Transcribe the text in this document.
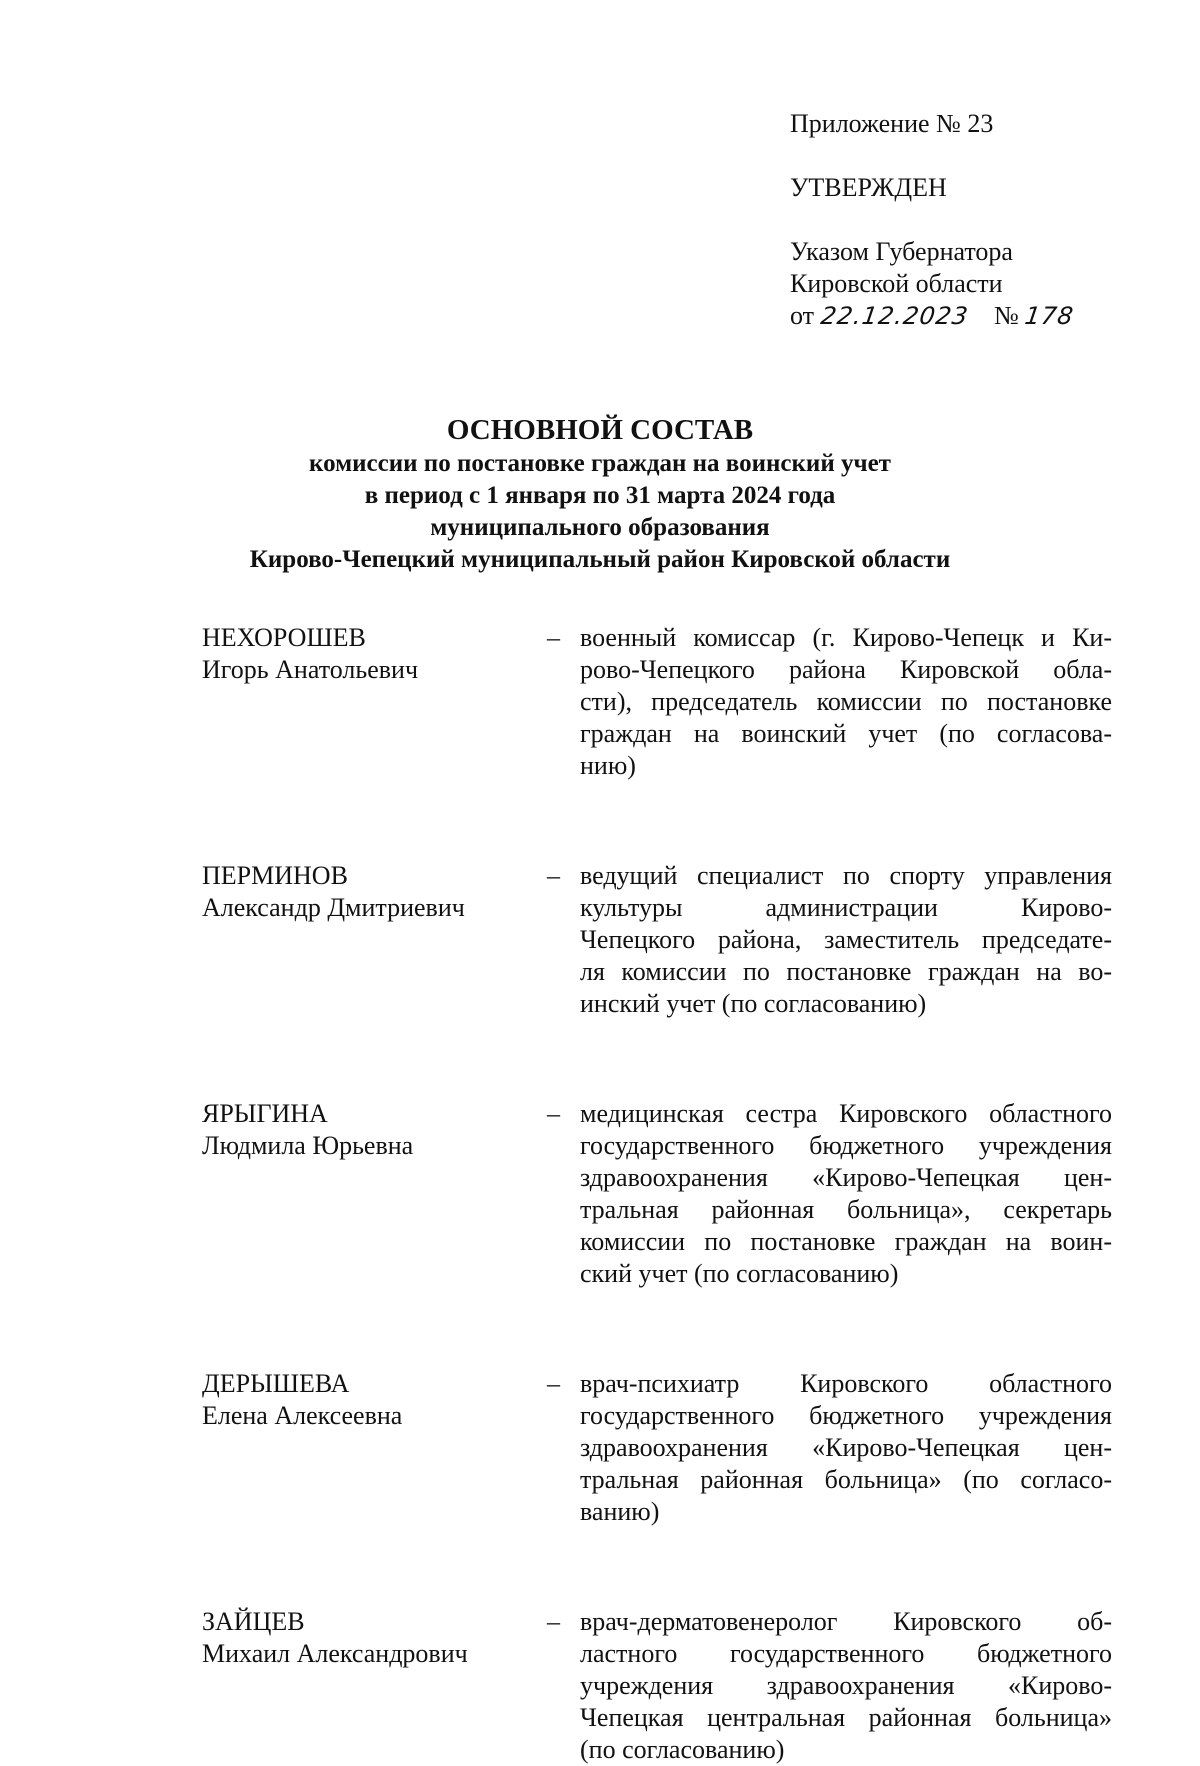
Приложение № 23
УТВЕРЖДЕН
Указом Губернатора
Кировской области
от 22.12.2023 № 178
ОСНОВНОЙ СОСТАВ
комиссии по постановке граждан на воинский учет
в период с 1 января по 31 марта 2024 года
муниципального образования
Кирово-Чепецкий муниципальный район Кировской области
НЕХОРОШЕВ
Игорь Анатольевич
– военный комиссар (г. Кирово-Чепецк и Ки-
рово-Чепецкого района Кировской обла-
сти), председатель комиссии по постановке
граждан на воинский учет (по согласова-
нию)
ПЕРМИНОВ
Александр Дмитриевич
– ведущий специалист по спорту управления
культуры администрации Кирово-
Чепецкого района, заместитель председате-
ля комиссии по постановке граждан на во-
инский учет (по согласованию)
ЯРЫГИНА
Людмила Юрьевна
– медицинская сестра Кировского областного
государственного бюджетного учреждения
здравоохранения «Кирово-Чепецкая цен-
тральная районная больница», секретарь
комиссии по постановке граждан на воин-
ский учет (по согласованию)
ДЕРЫШЕВА
Елена Алексеевна
– врач-психиатр Кировского областного
государственного бюджетного учреждения
здравоохранения «Кирово-Чепецкая цен-
тральная районная больница» (по согласо-
ванию)
ЗАЙЦЕВ
Михаил Александрович
– врач-дерматовенеролог Кировского об-
ластного государственного бюджетного
учреждения здравоохранения «Кирово-
Чепецкая центральная районная больница»
(по согласованию)
